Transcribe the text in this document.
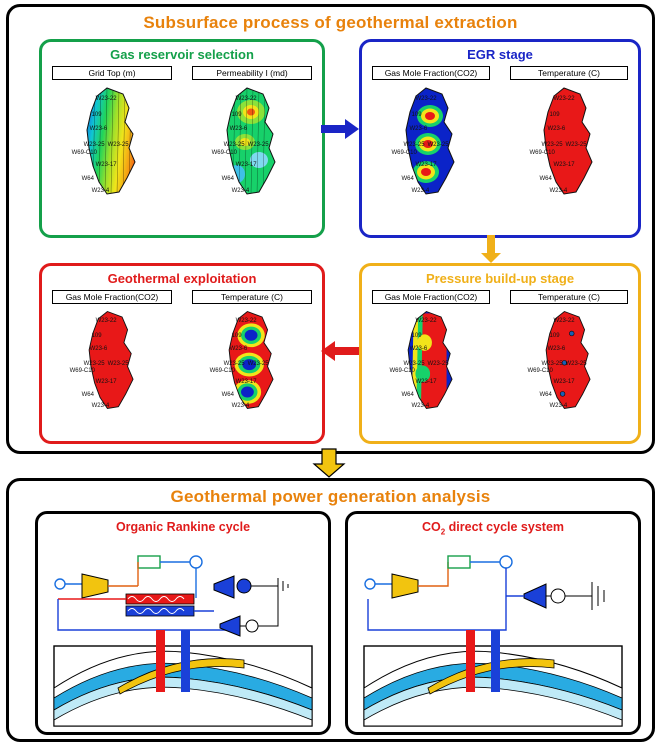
Subsurface process of geothermal extraction
Gas reservoir selection
Grid Top (m)
W23-22
109
W23-6
W23-25 W23-25
W69-C10
W23-17
W64
W23-4
Permeability I (md)
W23-22
109
W23-6
W23-25 W23-25
W69-C10
W23-17
W64
W23-4
EGR stage
Gas Mole Fraction(CO2)
W23-22
109
W23-6
W23-25 W23-25
W69-C10
W23-17
W64
W23-4
Temperature (C)
W23-22
109
W23-6
W23-25 W23-25
W69-C10
W23-17
W64
W23-4
Pressure build-up stage
Gas Mole Fraction(CO2)
W23-22
109
W23-6
W23-25 W23-25
W69-C10
W23-17
W64
W23-4
Temperature (C)
W23-22
109
W23-6
W23-25 W23-25
W69-C10
W23-17
W64
W23-4
Geothermal exploitation
Gas Mole Fraction(CO2)
W23-22
109
W23-6
W23-25 W23-25
W69-C10
W23-17
W64
W23-4
Temperature (C)
W23-22
109
W23-6
W23-25 W23-25
W69-C10
W23-17
W64
W23-4
Geothermal power generation analysis
Organic Rankine cycle	$CO_2$ direct cycle system
